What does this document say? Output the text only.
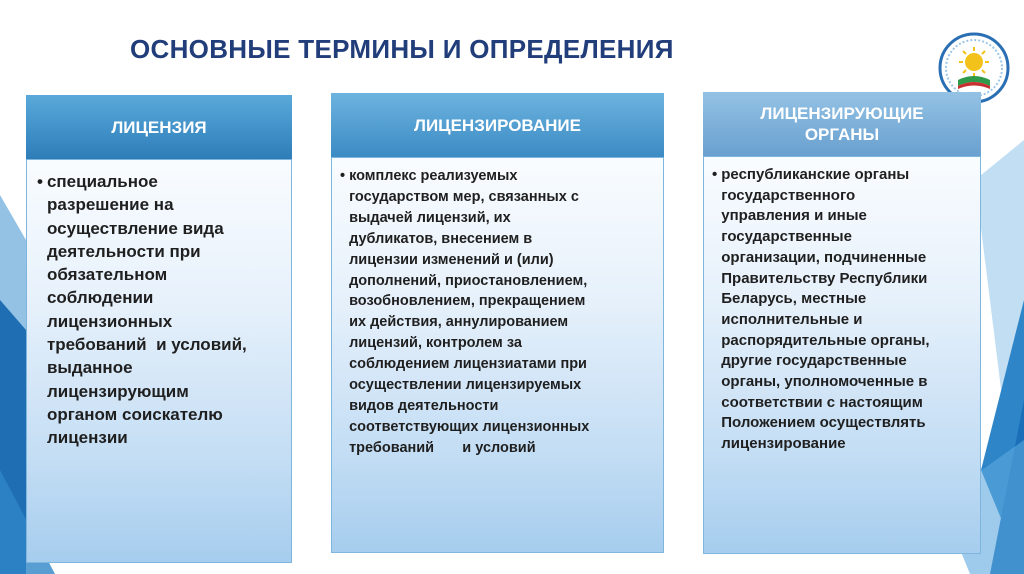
ОСНОВНЫЕ ТЕРМИНЫ И ОПРЕДЕЛЕНИЯ
ЛИЦЕНЗИЯ
• специальное
разрешение на
осуществление вида
деятельности при
обязательном
соблюдении
лицензионных
требований  и условий,
выданное
лицензирующим
органом соискателю
лицензии
ЛИЦЕНЗИРОВАНИЕ
• комплекс реализуемых
государством мер, связанных с
выдачей лицензий, их
дубликатов, внесением в
лицензии изменений и (или)
дополнений, приостановлением,
возобновлением, прекращением
их действия, аннулированием
лицензий, контролем за
соблюдением лицензиатами при
осуществлении лицензируемых
видов деятельности
соответствующих лицензионных
требований       и условий
ЛИЦЕНЗИРУЮЩИЕ
ОРГАНЫ
• республиканские органы
государственного
управления и иные
государственные
организации, подчиненные
Правительству Республики
Беларусь, местные
исполнительные и
распорядительные органы,
другие государственные
органы, уполномоченные в
соответствии с настоящим
Положением осуществлять
лицензирование
